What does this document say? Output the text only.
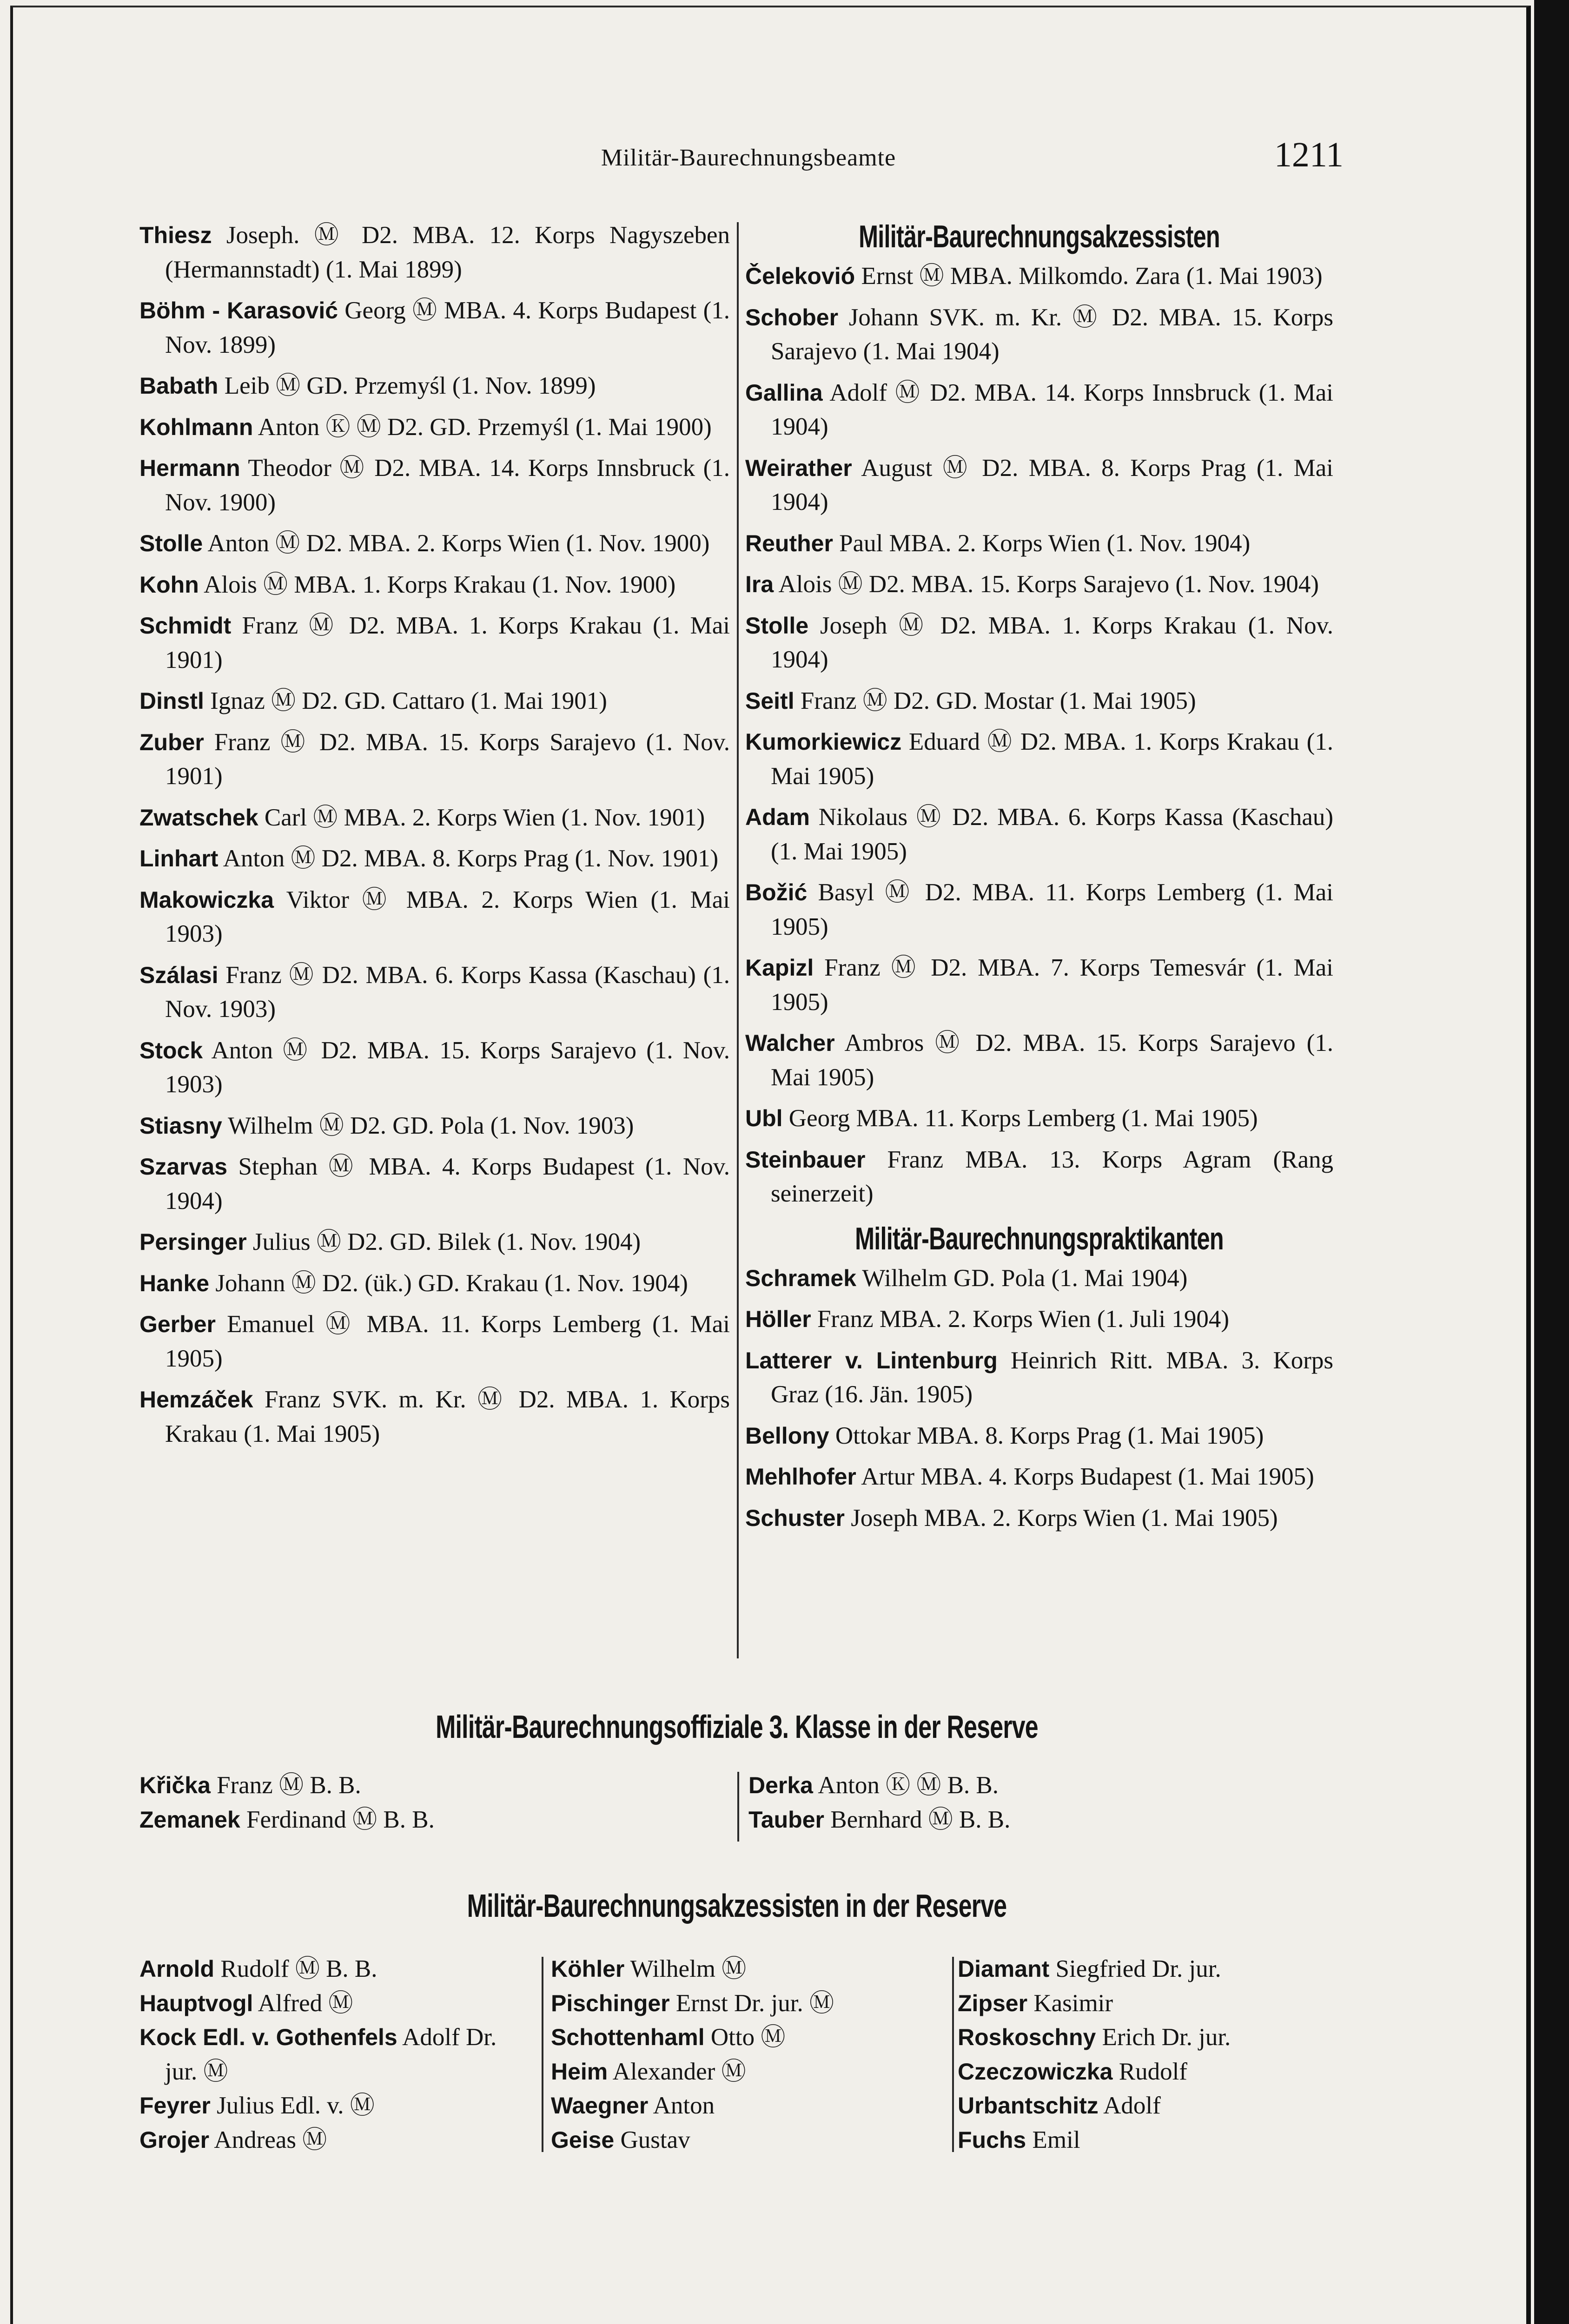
Militär-Baurechnungsbeamte	1211
Thiesz Joseph. Ⓜ D2. MBA. 12. Korps Nagyszeben (Hermannstadt) (1. Mai 1899)
Böhm - Karasović Georg Ⓜ MBA. 4. Korps Budapest (1. Nov. 1899)
Babath Leib Ⓜ GD. Przemyśl (1. Nov. 1899)
Kohlmann Anton Ⓚ Ⓜ D2. GD. Przemyśl (1. Mai 1900)
Hermann Theodor Ⓜ D2. MBA. 14. Korps Innsbruck (1. Nov. 1900)
Stolle Anton Ⓜ D2. MBA. 2. Korps Wien (1. Nov. 1900)
Kohn Alois Ⓜ MBA. 1. Korps Krakau (1. Nov. 1900)
Schmidt Franz Ⓜ D2. MBA. 1. Korps Krakau (1. Mai 1901)
Dinstl Ignaz Ⓜ D2. GD. Cattaro (1. Mai 1901)
Zuber Franz Ⓜ D2. MBA. 15. Korps Sarajevo (1. Nov. 1901)
Zwatschek Carl Ⓜ MBA. 2. Korps Wien (1. Nov. 1901)
Linhart Anton Ⓜ D2. MBA. 8. Korps Prag (1. Nov. 1901)
Makowiczka Viktor Ⓜ MBA. 2. Korps Wien (1. Mai 1903)
Szálasi Franz Ⓜ D2. MBA. 6. Korps Kassa (Kaschau) (1. Nov. 1903)
Stock Anton Ⓜ D2. MBA. 15. Korps Sarajevo (1. Nov. 1903)
Stiasny Wilhelm Ⓜ D2. GD. Pola (1. Nov. 1903)
Szarvas Stephan Ⓜ MBA. 4. Korps Budapest (1. Nov. 1904)
Persinger Julius Ⓜ D2. GD. Bilek (1. Nov. 1904)
Hanke Johann Ⓜ D2. (ük.) GD. Krakau (1. Nov. 1904)
Gerber Emanuel Ⓜ MBA. 11. Korps Lemberg (1. Mai 1905)
Hemzáček Franz SVK. m. Kr. Ⓜ D2. MBA. 1. Korps Krakau (1. Mai 1905)
Militär-Baurechnungsakzessisten
Čelekovió Ernst Ⓜ MBA. Milkomdo. Zara (1. Mai 1903)
Schober Johann SVK. m. Kr. Ⓜ D2. MBA. 15. Korps Sarajevo (1. Mai 1904)
Gallina Adolf Ⓜ D2. MBA. 14. Korps Innsbruck (1. Mai 1904)
Weirather August Ⓜ D2. MBA. 8. Korps Prag (1. Mai 1904)
Reuther Paul MBA. 2. Korps Wien (1. Nov. 1904)
Ira Alois Ⓜ D2. MBA. 15. Korps Sarajevo (1. Nov. 1904)
Stolle Joseph Ⓜ D2. MBA. 1. Korps Krakau (1. Nov. 1904)
Seitl Franz Ⓜ D2. GD. Mostar (1. Mai 1905)
Kumorkiewicz Eduard Ⓜ D2. MBA. 1. Korps Krakau (1. Mai 1905)
Adam Nikolaus Ⓜ D2. MBA. 6. Korps Kassa (Kaschau) (1. Mai 1905)
Božić Basyl Ⓜ D2. MBA. 11. Korps Lemberg (1. Mai 1905)
Kapizl Franz Ⓜ D2. MBA. 7. Korps Temesvár (1. Mai 1905)
Walcher Ambros Ⓜ D2. MBA. 15. Korps Sarajevo (1. Mai 1905)
Ubl Georg MBA. 11. Korps Lemberg (1. Mai 1905)
Steinbauer Franz MBA. 13. Korps Agram (Rang seinerzeit)
Militär-Baurechnungspraktikanten
Schramek Wilhelm GD. Pola (1. Mai 1904)
Höller Franz MBA. 2. Korps Wien (1. Juli 1904)
Latterer v. Lintenburg Heinrich Ritt. MBA. 3. Korps Graz (16. Jän. 1905)
Bellony Ottokar MBA. 8. Korps Prag (1. Mai 1905)
Mehlhofer Artur MBA. 4. Korps Budapest (1. Mai 1905)
Schuster Joseph MBA. 2. Korps Wien (1. Mai 1905)
Militär-Baurechnungsoffiziale 3. Klasse in der Reserve
Křička Franz Ⓜ B. B.
Zemanek Ferdinand Ⓜ B. B.
Derka Anton Ⓚ Ⓜ B. B.
Tauber Bernhard Ⓜ B. B.
Militär-Baurechnungsakzessisten in der Reserve
Arnold Rudolf Ⓜ B. B.
Hauptvogl Alfred Ⓜ
Kock Edl. v. Gothenfels Adolf Dr. jur. Ⓜ
Feyrer Julius Edl. v. Ⓜ
Grojer Andreas Ⓜ
Köhler Wilhelm Ⓜ
Pischinger Ernst Dr. jur. Ⓜ
Schottenhaml Otto Ⓜ
Heim Alexander Ⓜ
Waegner Anton
Geise Gustav
Diamant Siegfried Dr. jur.
Zipser Kasimir
Roskoschny Erich Dr. jur.
Czeczowiczka Rudolf
Urbantschitz Adolf
Fuchs Emil
